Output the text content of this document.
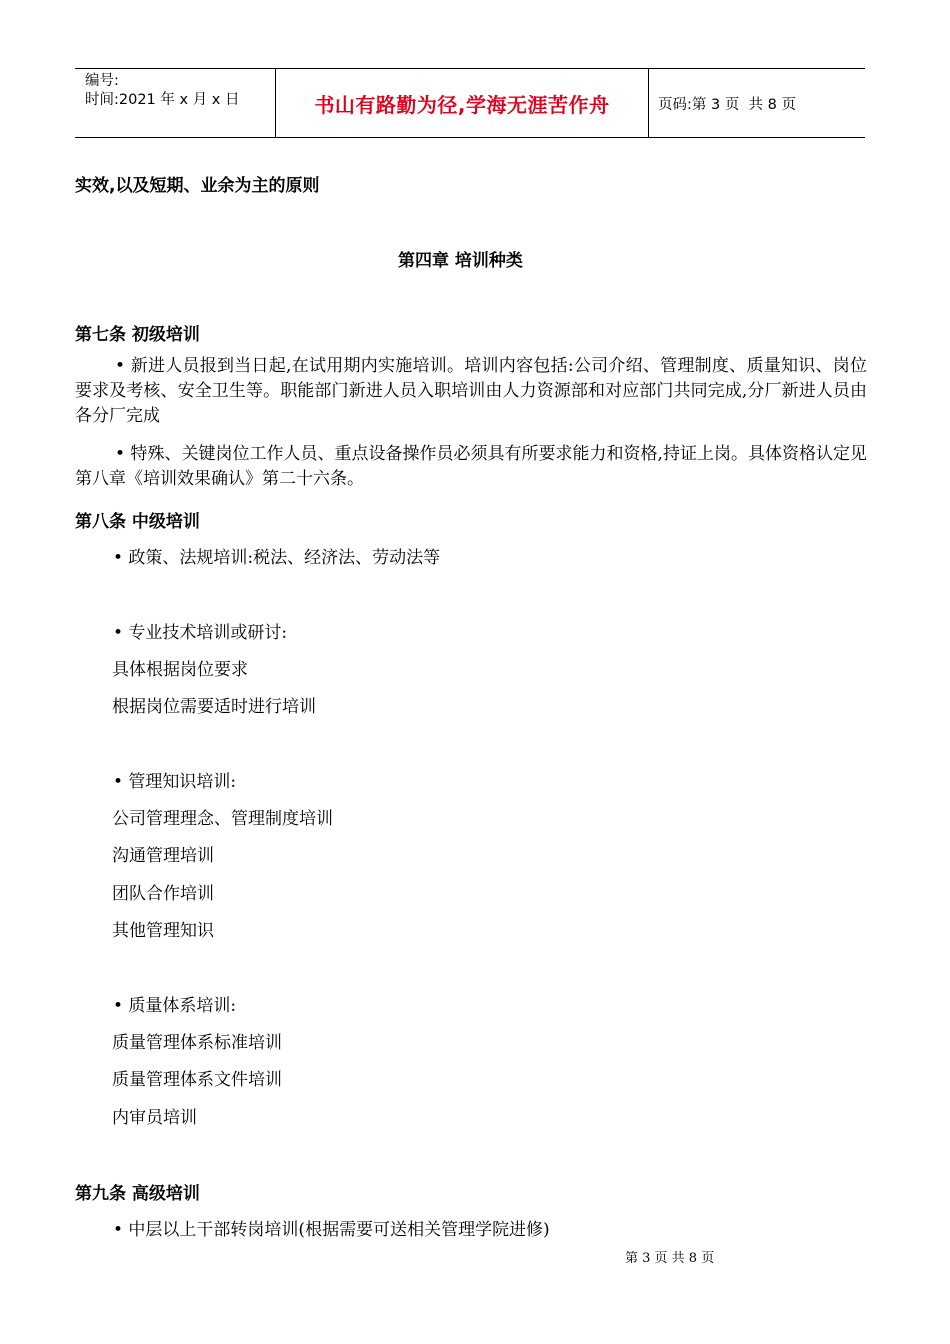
编号:
时间:2021 年 x 月 x 日	书山有路勤为径,学海无涯苦作舟	页码:第 3 页  共 8 页
实效,以及短期、业余为主的原则
第四章 培训种类
第七条 初级培训
• 新进人员报到当日起,在试用期内实施培训。培训内容包括:公司介绍、管理制度、质量知识、岗位要求及考核、安全卫生等。职能部门新进人员入职培训由人力资源部和对应部门共同完成,分厂新进人员由各分厂完成
• 特殊、关键岗位工作人员、重点设备操作员必须具有所要求能力和资格,持证上岗。具体资格认定见第八章《培训效果确认》第二十六条。
第八条 中级培训
• 政策、法规培训:税法、经济法、劳动法等
• 专业技术培训或研讨:
具体根据岗位要求
根据岗位需要适时进行培训
• 管理知识培训:
公司管理理念、管理制度培训
沟通管理培训
团队合作培训
其他管理知识
• 质量体系培训:
质量管理体系标准培训
质量管理体系文件培训
内审员培训
第九条 高级培训
• 中层以上干部转岗培训(根据需要可送相关管理学院进修)
第 3 页 共 8 页
